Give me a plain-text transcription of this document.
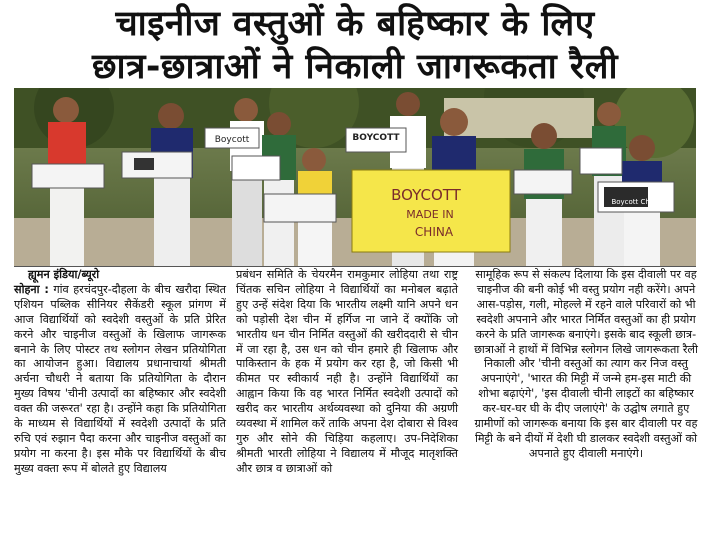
चाइनीज वस्तुओं के बहिष्कार के लिए
छात्र-छात्राओं ने निकाली जागरूकता रैली
Boycott	BOYCOTT
BOYCOTT
MADE IN
CHINA
Boycott China
ह्यूमन इंडिया/ब्यूरो

सोहना : गांव हरचंदपुर-दौहला के बीच खरौदा स्थित एशियन पब्लिक सीनियर सैकेंडरी स्कूल प्रांगण में आज विद्यार्थियों को स्वदेशी वस्तुओं के प्रति प्रेरित करने और चाइनीज वस्तुओं के खिलाफ जागरूक बनाने के लिए पोस्टर तथ स्लोगन लेखन प्रतियोगिता का आयोजन हुआ। विद्यालय प्रधानाचार्या श्रीमती अर्चना चौधरी ने बताया कि प्रतियोगिता के दौरान मुख्य विषय 'चीनी उत्पादों का बहिष्कार और स्वदेशी वक्त की जरूरत' रहा है। उन्होंने कहा कि प्रतियोगिता के माध्यम से विद्यार्थियों में स्वदेशी उत्पादों के प्रति रुचि एवं रुझान पैदा करना और चाइनीज वस्तुओं का प्रयोग ना करना है। इस मौके पर विद्यार्थियों के बीच मुख्य वक्ता रूप में बोलते हुए विद्यालय

प्रबंधन समिति के चेयरमैन रामकुमार लोहिया तथा राष्ट्र चिंतक सचिन लोहिया ने विद्यार्थियों का मनोबल बढ़ाते हुए उन्हें संदेश दिया कि भारतीय लक्ष्मी यानि अपने धन को पड़ोसी देश चीन में हर्गिज ना जाने दें क्योंकि जो भारतीय धन चीन निर्मित वस्तुओं की खरीददारी से चीन में जा रहा है, उस धन को चीन हमारे ही खिलाफ और पाकिस्तान के हक में प्रयोग कर रहा है, जो किसी भी कीमत पर स्वीकार्य नही है। उन्होंने विद्यार्थियों का आह्वान किया कि वह भारत निर्मित स्वदेशी उत्पादों को खरीद कर भारतीय अर्थव्यवस्था को दुनिया की अग्रणी व्यवस्था में शामिल करें ताकि अपना देश दोबारा से विश्व गुरु और सोने की चिड़िया कहलाए। उप-निदेशिका श्रीमती भारती लोहिया ने विद्यालय में मौजूद मातृशक्ति और छात्र व छात्राओं को

सामूहिक रूप से संकल्प दिलाया कि इस दीवाली पर वह चाइनीज की बनी कोई भी वस्तु प्रयोग नही करेंगे। अपने आस-पड़ोस, गली, मोहल्ले में रहने वाले परिवारों को भी स्वदेशी अपनाने और भारत निर्मित वस्तुओं का ही प्रयोग करने के प्रति जागरूक बनाएंगे। इसके बाद स्कूली छात्र-छात्राओं ने हाथों में विभिन्न स्लोगन लिखे जागरूकता रैली निकाली और 'चीनी वस्तुओं का त्याग कर निज वस्तु अपनाएंगे', 'भारत की मिट्टी में जन्मे हम-इस माटी की शोभा बढ़ाएंगे', 'इस दीवाली चीनी लाइटों का बहिष्कार कर-घर-घर घी के दीए जलाएंगे' के उद्घोष लगाते हुए ग्रामीणों को जागरूक बनाया कि इस बार दीवाली पर वह मिट्टी के बने दीयों में देशी घी डालकर स्वदेशी वस्तुओं को अपनाते हुए दीवाली मनाएंगे।
